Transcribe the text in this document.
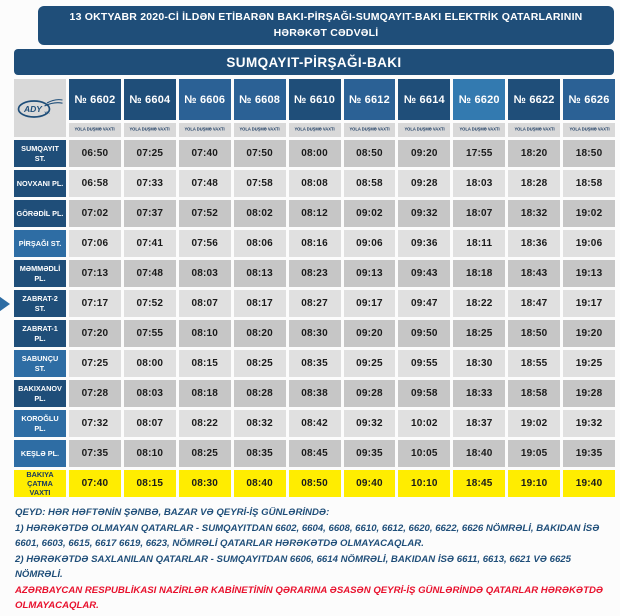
13 OKTYABR 2020-Cİ İLDƏN ETİBARƏN BAKI-PİRŞAĞI-SUMQAYIT-BAKI ELEKTRİK QATARLARININ
HƏRƏKƏT CƏDVƏLİ
SUMQAYIT-PİRŞAĞI-BAKI
ADY yo.
№ 6602 № 6604 № 6606 № 6608 № 6610 № 6612 № 6614 № 6620 № 6622 № 6626
YOLA DÜŞMƏ VAXTI YOLA DÜŞMƏ VAXTI YOLA DÜŞMƏ VAXTI YOLA DÜŞMƏ VAXTI YOLA DÜŞMƏ VAXTI YOLA DÜŞMƏ VAXTI YOLA DÜŞMƏ VAXTI YOLA DÜŞMƏ VAXTI YOLA DÜŞMƏ VAXTI YOLA DÜŞMƏ VAXTI
SUMQAYIT ST.	06:50	07:25	07:40	07:50	08:00	08:50	09:20	17:55	18:20	18:50
NOVXANI PL. 06:58	07:33	07:48	07:58	08:08	08:58	09:28	18:03	18:28	18:58
GÖRƏDİL PL. 07:02	07:37	07:52	08:02	08:12	09:02	09:32	18:07	18:32	19:02
PİRŞAĞI ST. 07:06	07:41	07:56	08:06	08:16	09:06	09:36	18:11	18:36	19:06
MƏMMƏDLİ PL.	07:13	07:48	08:03	08:13	08:23	09:13	09:43	18:18	18:43	19:13
ZABRAT-2 ST.	07:17	07:52	08:07	08:17	08:27	09:17	09:47	18:22	18:47	19:17
ZABRAT-1 PL.	07:20	07:55	08:10	08:20	08:30	09:20	09:50	18:25	18:50	19:20
SABUNÇU ST.	07:25	08:00	08:15	08:25	08:35	09:25	09:55	18:30	18:55	19:25
BAKIXANOV PL.	07:28	08:03	08:18	08:28	08:38	09:28	09:58	18:33	18:58	19:28
KOROĞLU PL.	07:32	08:07	08:22	08:32	08:42	09:32	10:02	18:37	19:02	19:32
KEŞLƏ PL. 07:35	08:10	08:25	08:35	08:45	09:35	10:05	18:40	19:05	19:35
BAKIYA ÇATMA VAXTI
07:40	08:15	08:30	08:40	08:50	09:40	10:10	18:45	19:10	19:40

QEYD: HƏR HƏFTƏNİN ŞƏNBƏ, BAZAR VƏ QEYRİ-İŞ GÜNLƏRİNDƏ:

1) HƏRƏKƏTDƏ OLMAYAN QATARLAR - SUMQAYITDAN 6602, 6604, 6608, 6610, 6612, 6620, 6622, 6626 NÖMRƏLİ, BAKIDAN İSƏ 6601, 6603, 6615, 6617 6619, 6623, NÖMRƏLİ QATARLAR HƏRƏKƏTDƏ OLMAYACAQLAR.

2) HƏRƏKƏTDƏ SAXLANILAN QATARLAR - SUMQAYITDAN 6606, 6614 NÖMRƏLİ, BAKIDAN İSƏ 6611, 6613, 6621 VƏ 6625 NÖMRƏLİ.

AZƏRBAYCAN RESPUBLİKASI NAZİRLƏR KABİNETİNİN QƏRARINA ƏSASƏN QEYRİ-İŞ GÜNLƏRİNDƏ QATARLAR HƏRƏKƏTDƏ OLMAYACAQLAR.
